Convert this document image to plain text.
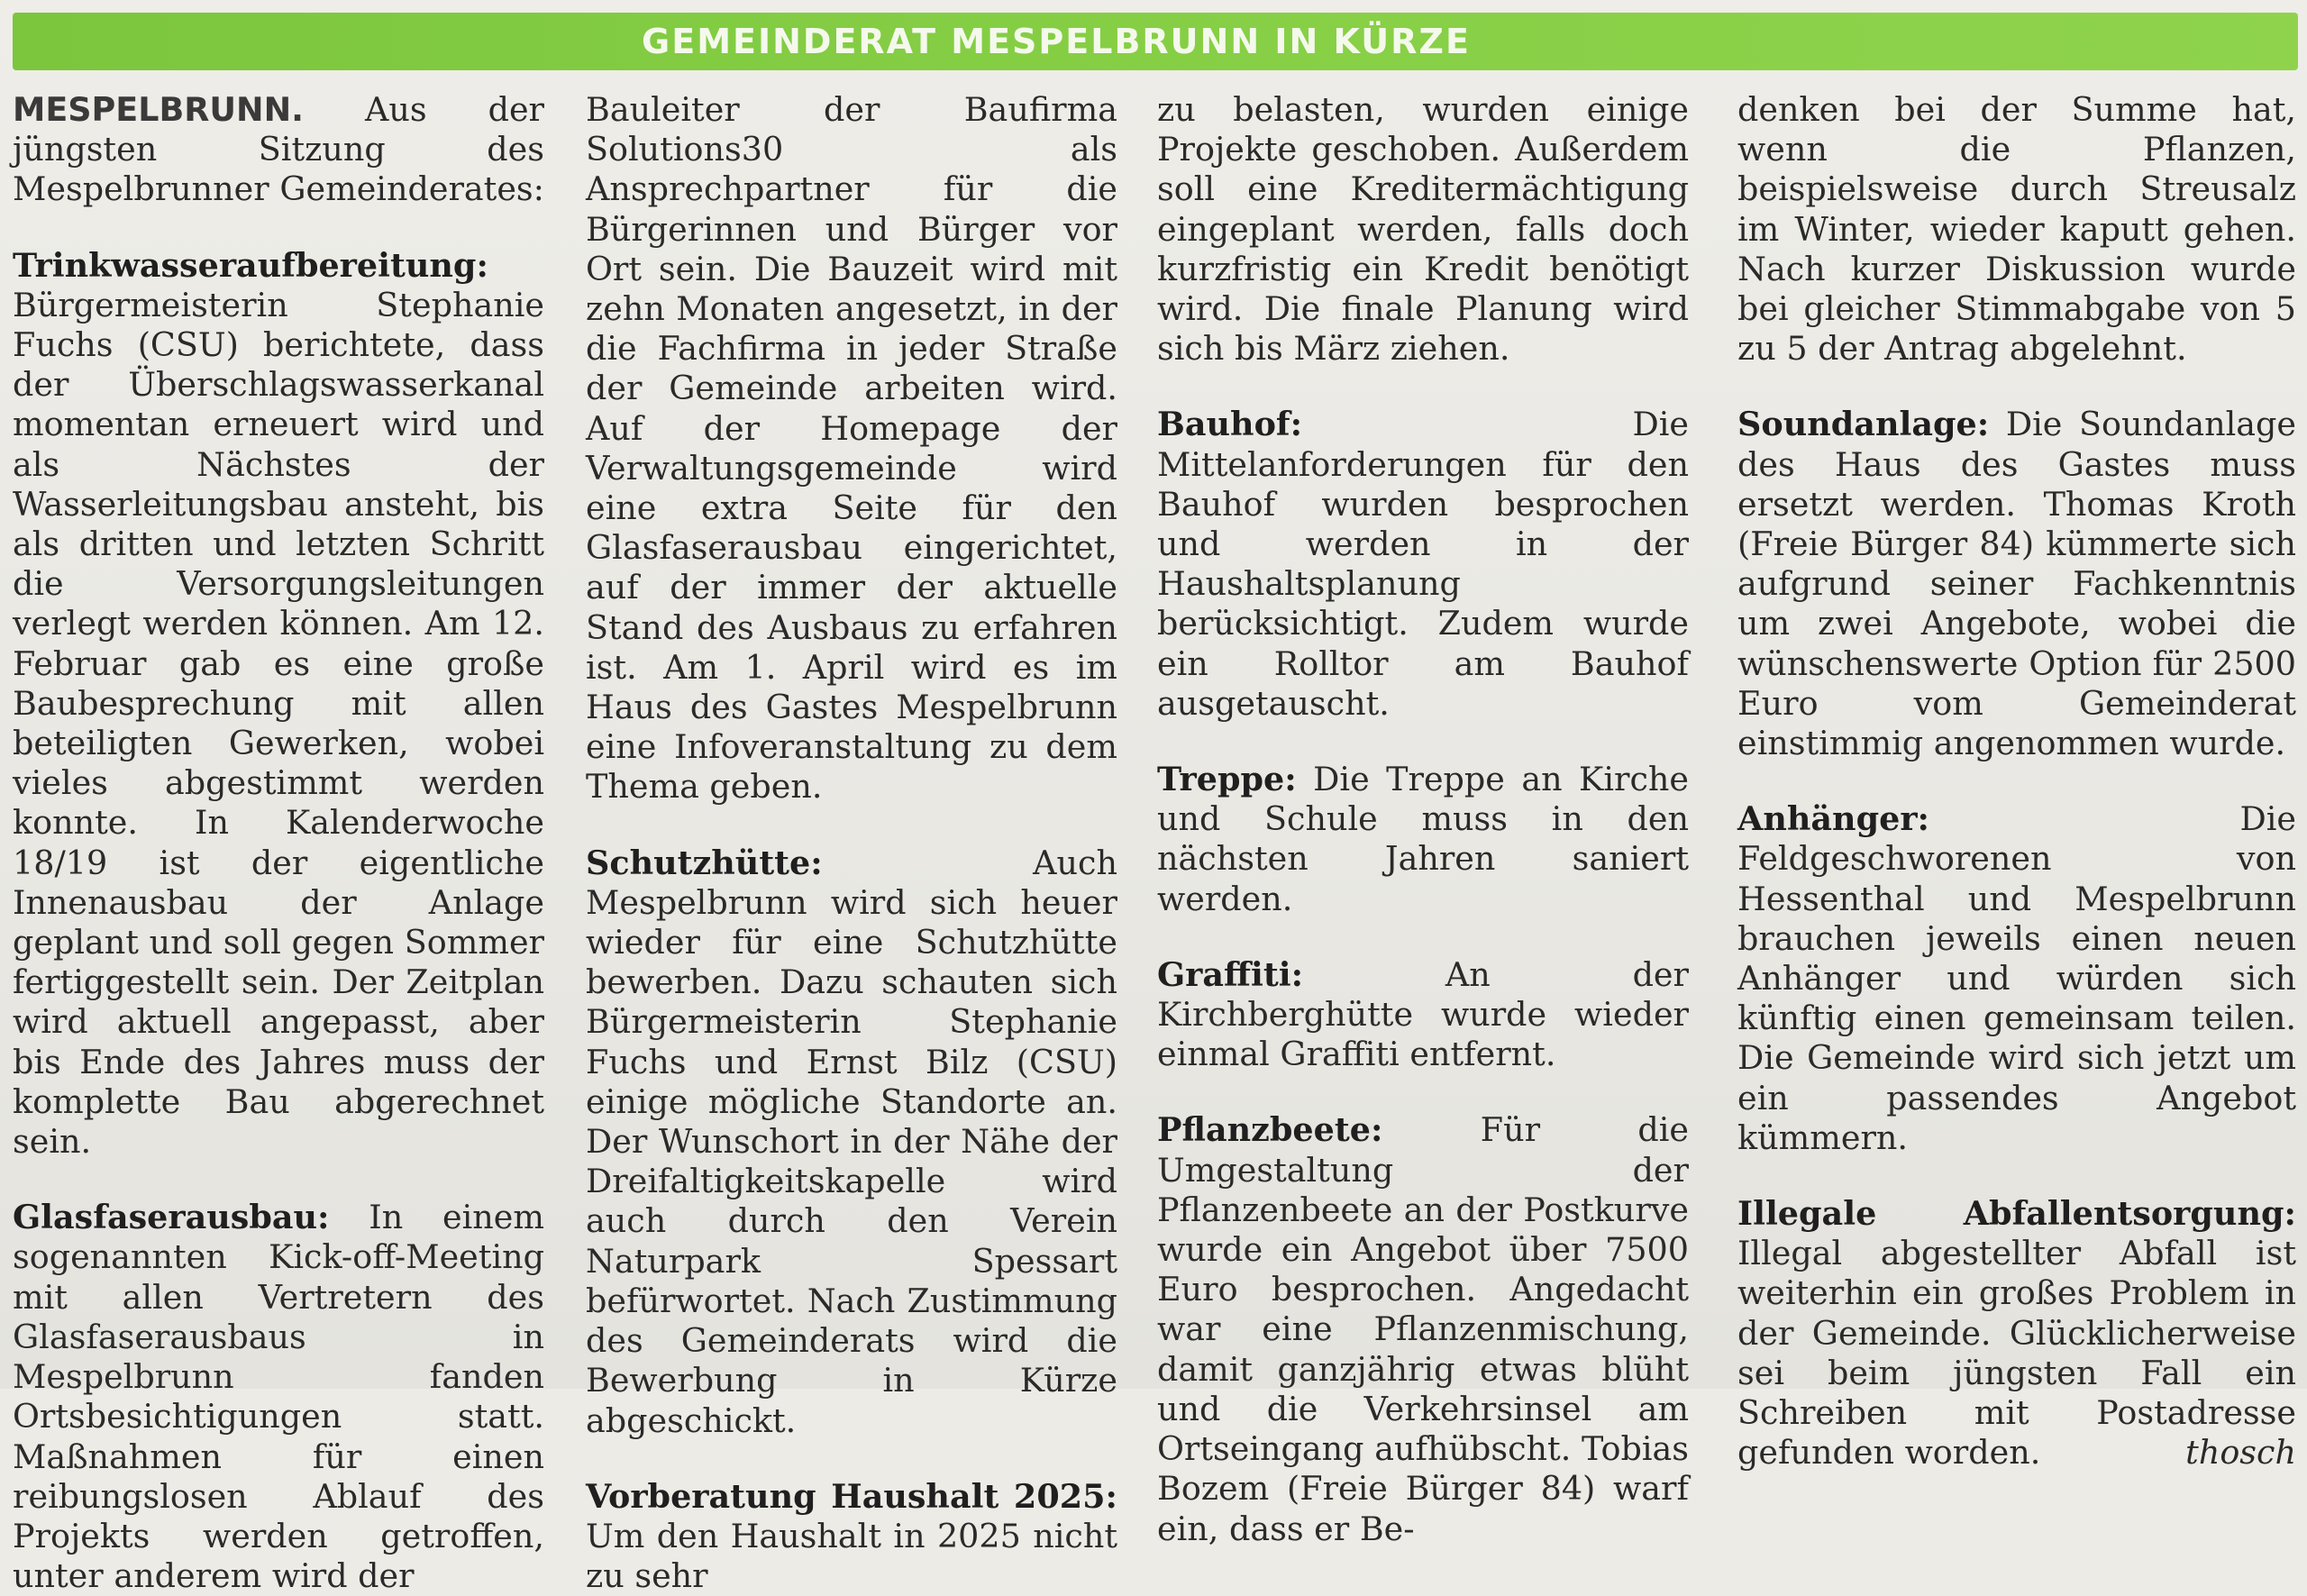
GEMEINDERAT MESPELBRUNN IN KÜRZE

MESPELBRUNN. Aus der jüngsten Sitzung des Mespelbrunner Gemeinderates:

Trinkwasseraufbereitung: Bürgermeisterin Stephanie Fuchs (CSU) berichtete, dass der Überschlagswasserkanal momentan erneuert wird und als Nächstes der Wasserleitungsbau ansteht, bis als dritten und letzten Schritt die Versorgungsleitungen verlegt werden können. Am 12. Februar gab es eine große Baubesprechung mit allen beteiligten Gewerken, wobei vieles abgestimmt werden konnte. In Kalenderwoche 18/19 ist der eigentliche Innenausbau der Anlage geplant und soll gegen Sommer fertiggestellt sein. Der Zeitplan wird aktuell angepasst, aber bis Ende des Jahres muss der komplette Bau abgerechnet sein.

Glasfaserausbau: In einem sogenannten Kick-off-Meeting mit allen Vertretern des Glasfaserausbaus in Mespelbrunn fanden Ortsbesichtigungen statt. Maßnahmen für einen reibungslosen Ablauf des Projekts werden getroffen, unter anderem wird der

Bauleiter der Baufirma Solutions30 als Ansprechpartner für die Bürgerinnen und Bürger vor Ort sein. Die Bauzeit wird mit zehn Monaten angesetzt, in der die Fachfirma in jeder Straße der Gemeinde arbeiten wird. Auf der Homepage der Verwaltungsgemeinde wird eine extra Seite für den Glasfaserausbau eingerichtet, auf der immer der aktuelle Stand des Ausbaus zu erfahren ist. Am 1. April wird es im Haus des Gastes Mespelbrunn eine Infoveranstaltung zu dem Thema geben.

Schutzhütte: Auch Mespelbrunn wird sich heuer wieder für eine Schutzhütte bewerben. Dazu schauten sich Bürgermeisterin Stephanie Fuchs und Ernst Bilz (CSU) einige mögliche Standorte an. Der Wunschort in der Nähe der Dreifaltigkeitskapelle wird auch durch den Verein Naturpark Spessart befürwortet. Nach Zustimmung des Gemeinderats wird die Bewerbung in Kürze abgeschickt.

Vorberatung Haushalt 2025: Um den Haushalt in 2025 nicht zu sehr

zu belasten, wurden einige Projekte geschoben. Außerdem soll eine Kreditermächtigung eingeplant werden, falls doch kurzfristig ein Kredit benötigt wird. Die finale Planung wird sich bis März ziehen.

Bauhof: Die Mittelanforderungen für den Bauhof wurden besprochen und werden in der Haushaltsplanung berücksichtigt. Zudem wurde ein Rolltor am Bauhof ausgetauscht.

Treppe: Die Treppe an Kirche und Schule muss in den nächsten Jahren saniert werden.

Graffiti: An der Kirchberghütte wurde wieder einmal Graffiti entfernt.

Pflanzbeete: Für die Umgestaltung der Pflanzenbeete an der Postkurve wurde ein Angebot über 7500 Euro besprochen. Angedacht war eine Pflanzenmischung, damit ganzjährig etwas blüht und die Verkehrsinsel am Ortseingang aufhübscht. Tobias Bozem (Freie Bürger 84) warf ein, dass er Be-

denken bei der Summe hat, wenn die Pflanzen, beispielsweise durch Streusalz im Winter, wieder kaputt gehen. Nach kurzer Diskussion wurde bei gleicher Stimmabgabe von 5 zu 5 der Antrag abgelehnt.

Soundanlage: Die Soundanlage des Haus des Gastes muss ersetzt werden. Thomas Kroth (Freie Bürger 84) kümmerte sich aufgrund seiner Fachkenntnis um zwei Angebote, wobei die wünschenswerte Option für 2500 Euro vom Gemeinderat einstimmig angenommen wurde.

Anhänger: Die Feldgeschworenen von Hessenthal und Mespelbrunn brauchen jeweils einen neuen Anhänger und würden sich künftig einen gemeinsam teilen. Die Gemeinde wird sich jetzt um ein passendes Angebot kümmern.

Illegale Abfallentsorgung: Illegal abgestellter Abfall ist weiterhin ein großes Problem in der Gemeinde. Glücklicherweise sei beim jüngsten Fall ein Schreiben mit Postadresse gefunden worden.	thosch
